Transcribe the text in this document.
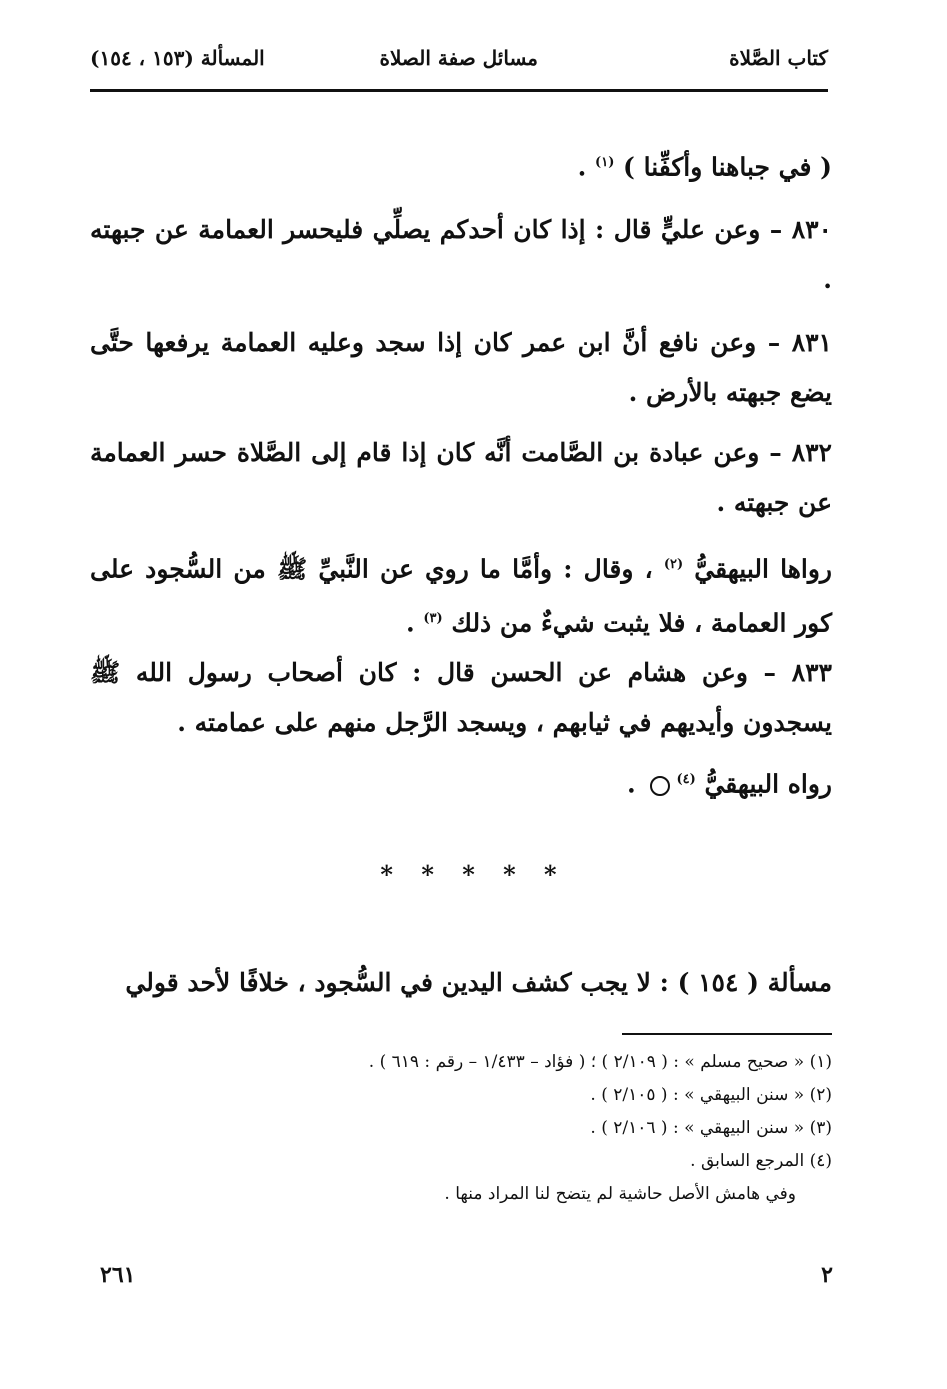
كتاب الصَّلاة
مسائل صفة الصلاة
المسألة (١٥٣ ، ١٥٤)

( في جباهنا وأكفِّنا ) $^{(١)}$ .

٨٣٠ – وعن عليٍّ قال : إذا كان أحدكم يصلِّي فليحسر العمامة عن جبهته .

٨٣١ – وعن نافع أنَّ ابن عمر كان إذا سجد وعليه العمامة يرفعها حتَّى يضع جبهته بالأرض .

٨٣٢ – وعن عبادة بن الصَّامت أنَّه كان إذا قام إلى الصَّلاة حسر العمامة عن جبهته .

رواها البيهقيُّ $^{(٢)}$ ، وقال : وأمَّا ما روي عن النَّبيِّ ﷺ من السُّجود على كور العمامة ، فلا يثبت شيءٌ من ذلك $^{(٣)}$ .

٨٣٣ – وعن هشام عن الحسن قال : كان أصحاب رسول الله ﷺ يسجدون وأيديهم في ثيابهم ، ويسجد الرَّجل منهم على عمامته .

رواه البيهقيُّ $^{(٤)}$ .

* * * * *
مسألة ( ١٥٤ ) : لا يجب كشف اليدين في السُّجود ، خلافًا لأحد قولي
(١) « صحيح مسلم » : ( ٢/١٠٩ ) ؛ ( فؤاد – ١/٤٣٣ – رقم : ٦١٩ ) .
(٢) « سنن البيهقي » : ( ٢/١٠٥ ) .
(٣) « سنن البيهقي » : ( ٢/١٠٦ ) .
(٤) المرجع السابق .
وفي هامش الأصل حاشية لم يتضح لنا المراد منها .
٢٦١	٢
